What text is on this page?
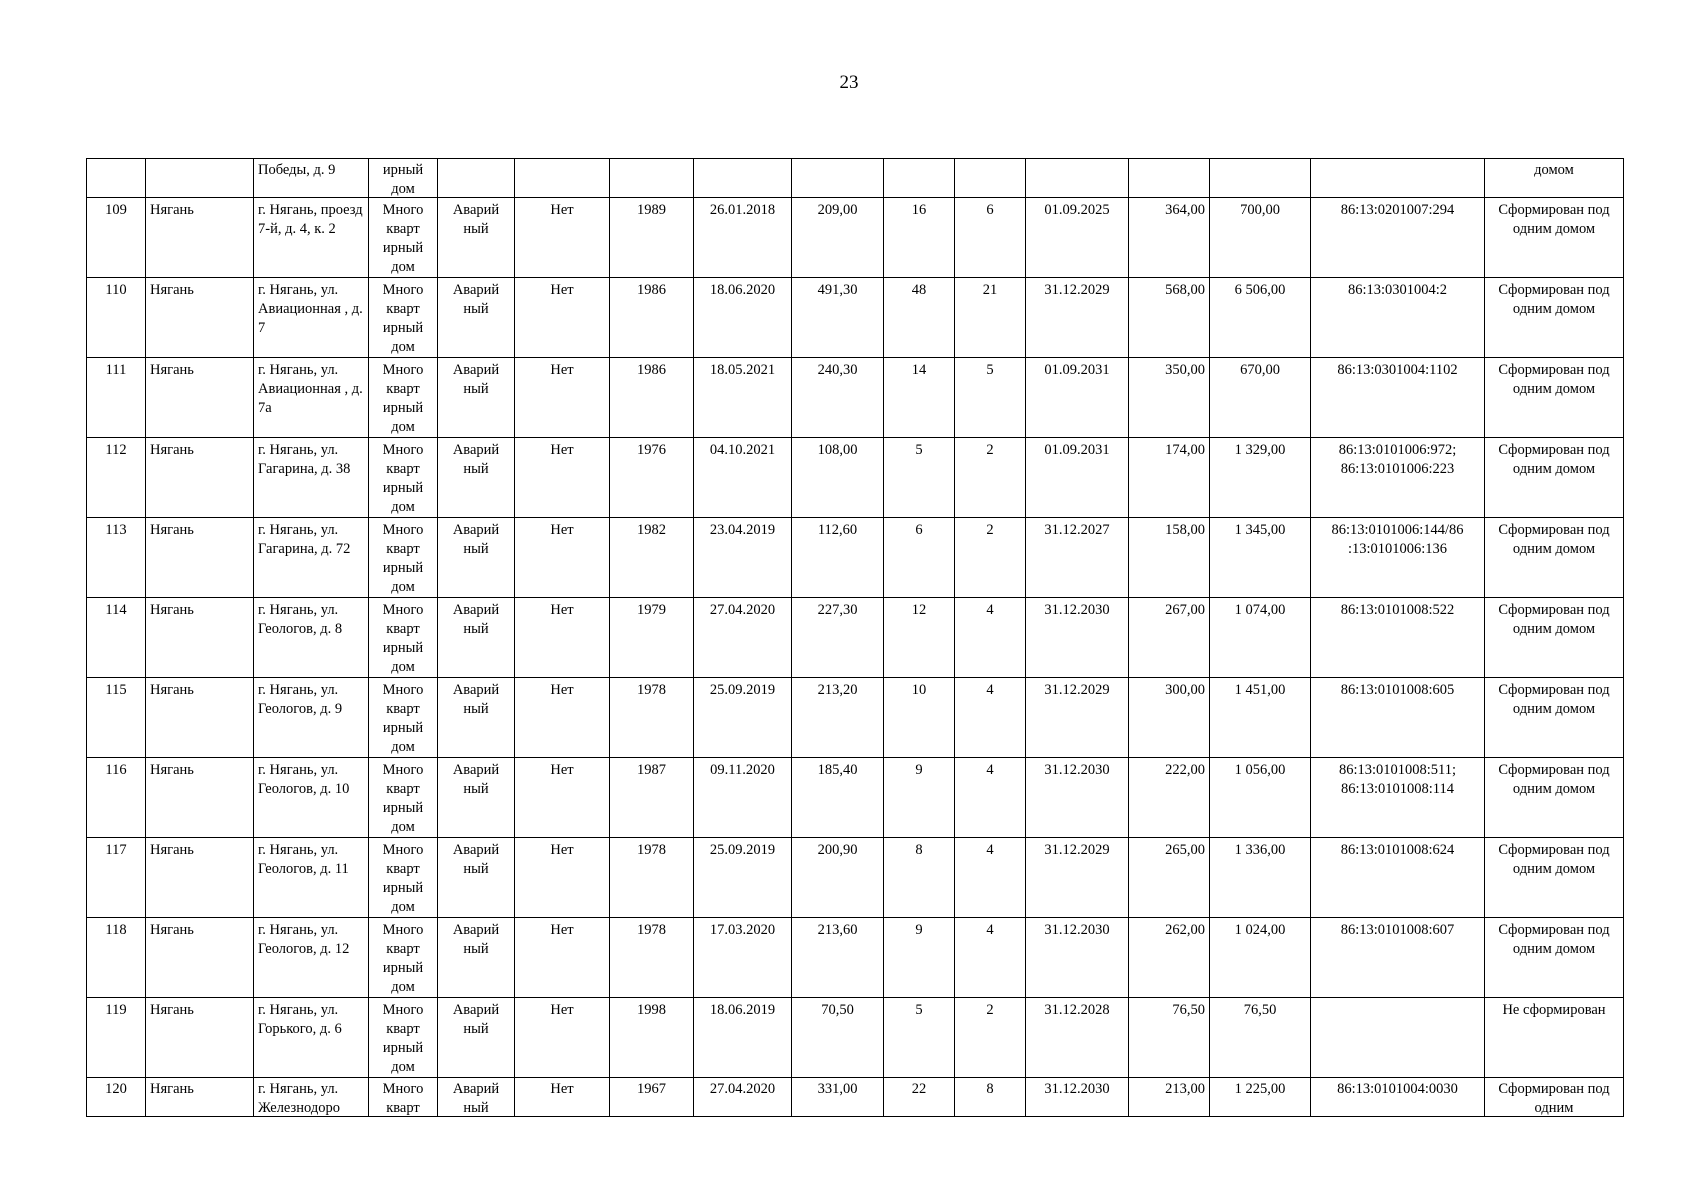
23

		Победы, д. 9	ирный дом												домом

109	Нягань	г. Нягань, проезд 7-й, д. 4, к. 2	Много кварт ирный дом	Аварий ный	Нет	1989	26.01.2018	209,00	16	6	01.09.2025	364,00	700,00	86:13:0201007:294	Сформирован под одним домом

110	Нягань	г. Нягань, ул. Авиационная , д. 7	Много кварт ирный дом	Аварий ный	Нет	1986	18.06.2020	491,30	48	21	31.12.2029	568,00	6 506,00	86:13:0301004:2	Сформирован под одним домом

111	Нягань	г. Нягань, ул. Авиационная , д. 7а	Много кварт ирный дом	Аварий ный	Нет	1986	18.05.2021	240,30	14	5	01.09.2031	350,00	670,00	86:13:0301004:1102	Сформирован под одним домом

112	Нягань	г. Нягань, ул. Гагарина, д. 38	Много кварт ирный дом	Аварий ный	Нет	1976	04.10.2021	108,00	5	2	01.09.2031	174,00	1 329,00	86:13:0101006:972; 86:13:0101006:223	Сформирован под одним домом

113	Нягань	г. Нягань, ул. Гагарина, д. 72	Много кварт ирный дом	Аварий ный	Нет	1982	23.04.2019	112,60	6	2	31.12.2027	158,00	1 345,00	86:13:0101006:144/86 :13:0101006:136	Сформирован под одним домом

114	Нягань	г. Нягань, ул. Геологов, д. 8	Много кварт ирный дом	Аварий ный	Нет	1979	27.04.2020	227,30	12	4	31.12.2030	267,00	1 074,00	86:13:0101008:522	Сформирован под одним домом

115	Нягань	г. Нягань, ул. Геологов, д. 9	Много кварт ирный дом	Аварий ный	Нет	1978	25.09.2019	213,20	10	4	31.12.2029	300,00	1 451,00	86:13:0101008:605	Сформирован под одним домом

116	Нягань	г. Нягань, ул. Геологов, д. 10	Много кварт ирный дом	Аварий ный	Нет	1987	09.11.2020	185,40	9	4	31.12.2030	222,00	1 056,00	86:13:0101008:511; 86:13:0101008:114	Сформирован под одним домом

117	Нягань	г. Нягань, ул. Геологов, д. 11	Много кварт ирный дом	Аварий ный	Нет	1978	25.09.2019	200,90	8	4	31.12.2029	265,00	1 336,00	86:13:0101008:624	Сформирован под одним домом

118	Нягань	г. Нягань, ул. Геологов, д. 12	Много кварт ирный дом	Аварий ный	Нет	1978	17.03.2020	213,60	9	4	31.12.2030	262,00	1 024,00	86:13:0101008:607	Сформирован под одним домом

119	Нягань	г. Нягань, ул. Горького, д. 6	Много кварт ирный дом	Аварий ный	Нет	1998	18.06.2019	70,50	5	2	31.12.2028	76,50	76,50		Не сформирован

120	Нягань	г. Нягань, ул. Железнодоро	Много кварт	Аварий ный	Нет	1967	27.04.2020	331,00	22	8	31.12.2030	213,00	1 225,00	86:13:0101004:0030	Сформирован под одним
